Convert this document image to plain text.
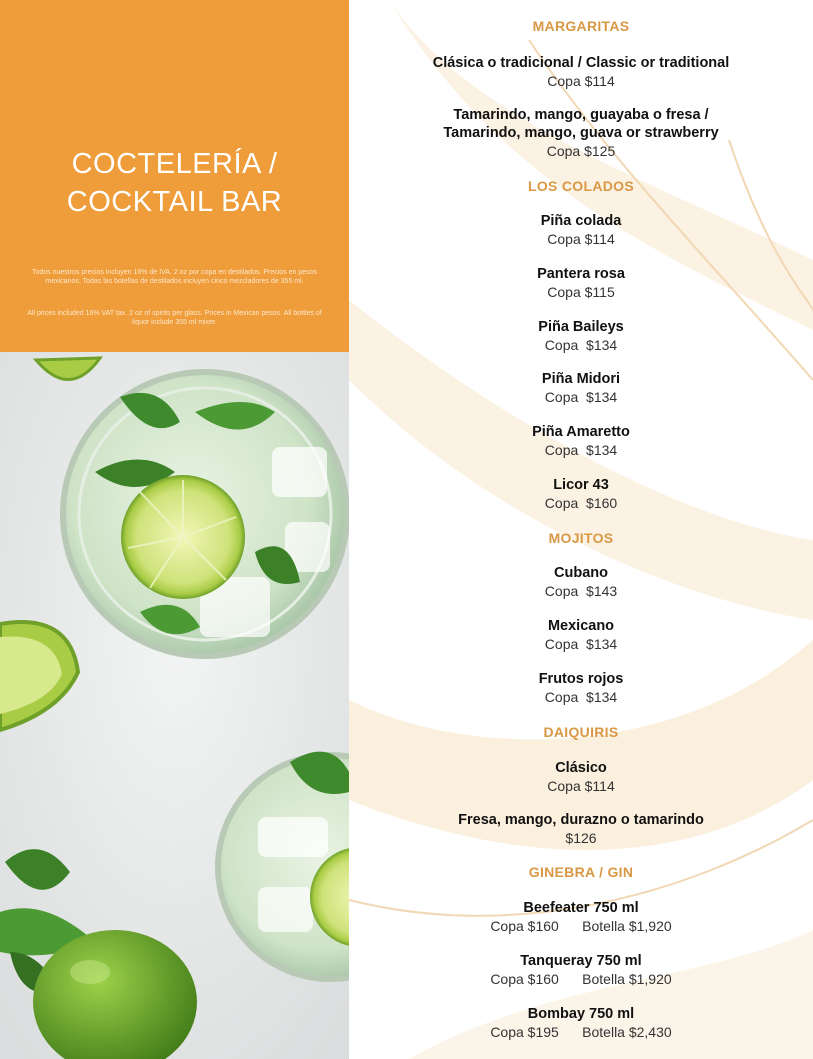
COCTELERÍA /
COCKTAIL BAR
Todos nuestros precios incluyen 16% de IVA. 2 oz por copa en destilados. Precios en pesos mexicanos. Todas las botellas de destilados incluyen cinco mezcladores de 355 ml.
All prices included 16% VAT tax. 2 oz of spirits per glass. Prices in Mexican pesos. All bottles of liquor include 355 ml mixer.
MARGARITAS
Clásica o tradicional / Classic or traditional
Copa $114
Tamarindo, mango, guayaba o fresa /
Tamarindo, mango, guava or strawberry
Copa $125
LOS COLADOS
Piña colada
Copa $114
Pantera rosa
Copa $115
Piña Baileys
Copa  $134
Piña Midori
Copa  $134
Piña Amaretto
Copa  $134
Licor 43
Copa  $160
MOJITOS
Cubano
Copa  $143
Mexicano
Copa  $134
Frutos rojos
Copa  $134
DAIQUIRIS
Clásico
Copa $114
Fresa, mango, durazno o tamarindo
$126
GINEBRA / GIN
Beefeater 750 ml
Copa $160      Botella $1,920
Tanqueray 750 ml
Copa $160      Botella $1,920
Bombay 750 ml
Copa $195      Botella $2,430
